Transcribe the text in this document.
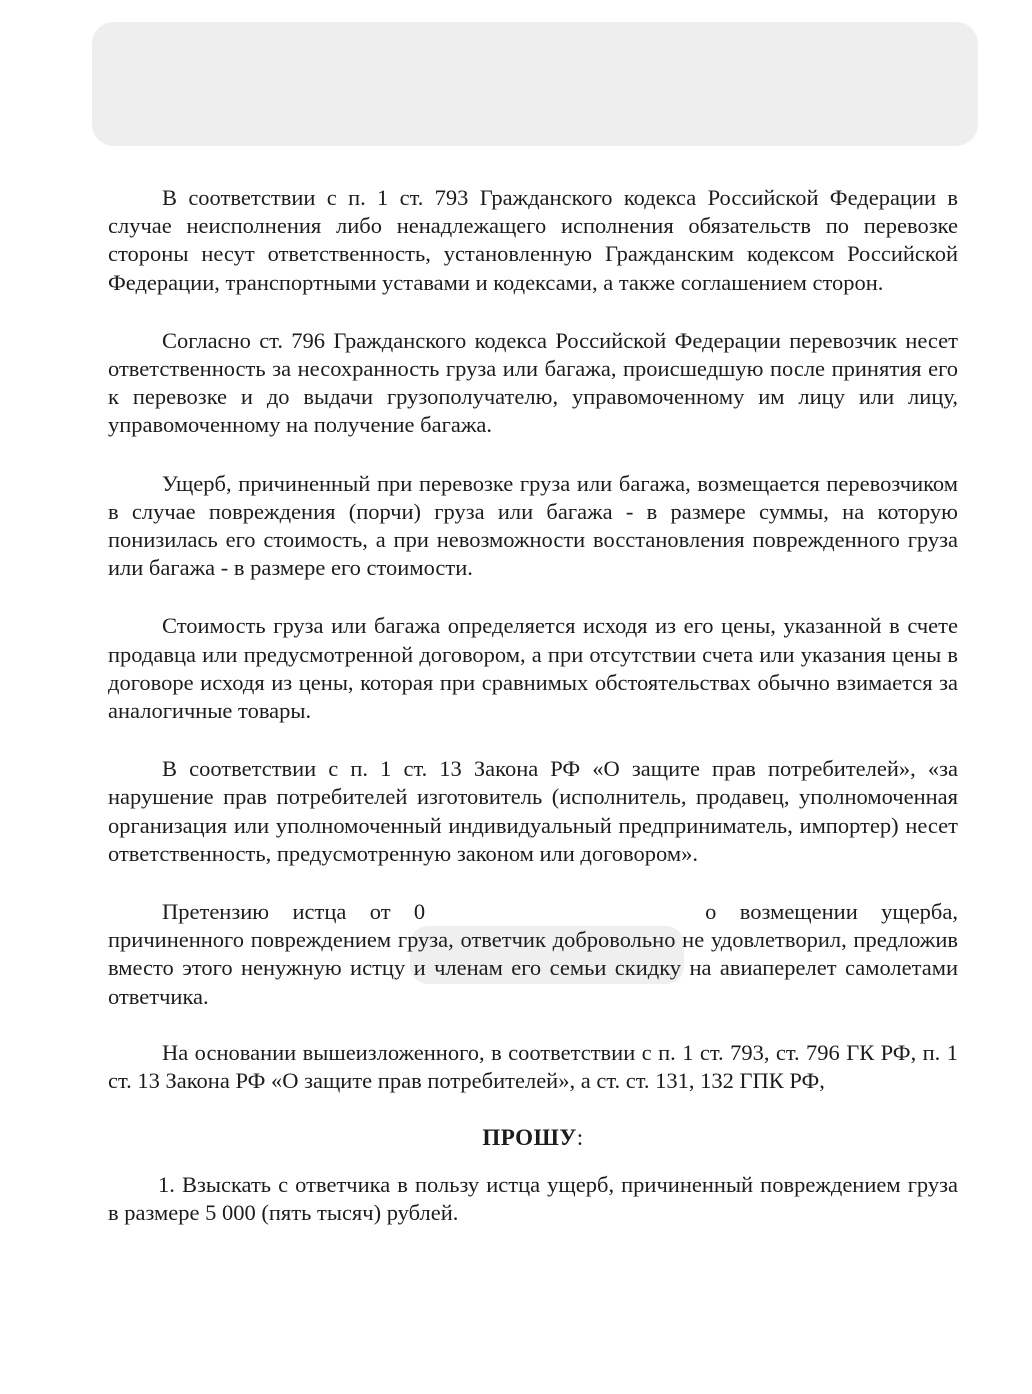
В соответствии с п. 1 ст. 793 Гражданского кодекса Российской Федерации в случае неисполнения либо ненадлежащего исполнения обязательств по перевозке стороны несут ответственность, установленную Гражданским кодексом Российской Федерации, транспортными уставами и кодексами, а также соглашением сторон.

Согласно ст. 796 Гражданского кодекса Российской Федерации перевозчик несет ответственность за несохранность груза или багажа, происшедшую после принятия его к перевозке и до выдачи грузополучателю, управомоченному им лицу или лицу, управомоченному на получение багажа.

Ущерб, причиненный при перевозке груза или багажа, возмещается перевозчиком в случае повреждения (порчи) груза или багажа - в размере суммы, на которую понизилась его стоимость, а при невозможности восстановления поврежденного груза или багажа - в размере его стоимости.

Стоимость груза или багажа определяется исходя из его цены, указанной в счете продавца или предусмотренной договором, а при отсутствии счета или указания цены в договоре исходя из цены, которая при сравнимых обстоятельствах обычно взимается за аналогичные товары.

В соответствии с п. 1 ст. 13 Закона РФ «О защите прав потребителей», «за нарушение прав потребителей изготовитель (исполнитель, продавец, уполномоченная организация или уполномоченный индивидуальный предприниматель, импортер) несет ответственность, предусмотренную законом или договором».

Претензию истца от 0	о возмещении ущерба, причиненного повреждением груза, ответчик добровольно не удовлетворил, предложив вместо этого ненужную истцу и членам его семьи скидку на авиаперелет самолетами ответчика.

На основании вышеизложенного, в соответствии с п. 1 ст. 793, ст. 796 ГК РФ, п. 1 ст. 13 Закона РФ «О защите прав потребителей», а ст. ст. 131, 132 ГПК РФ,

ПРОШУ:

1. Взыскать с ответчика в пользу истца ущерб, причиненный повреждением груза в размере 5 000 (пять тысяч) рублей.
